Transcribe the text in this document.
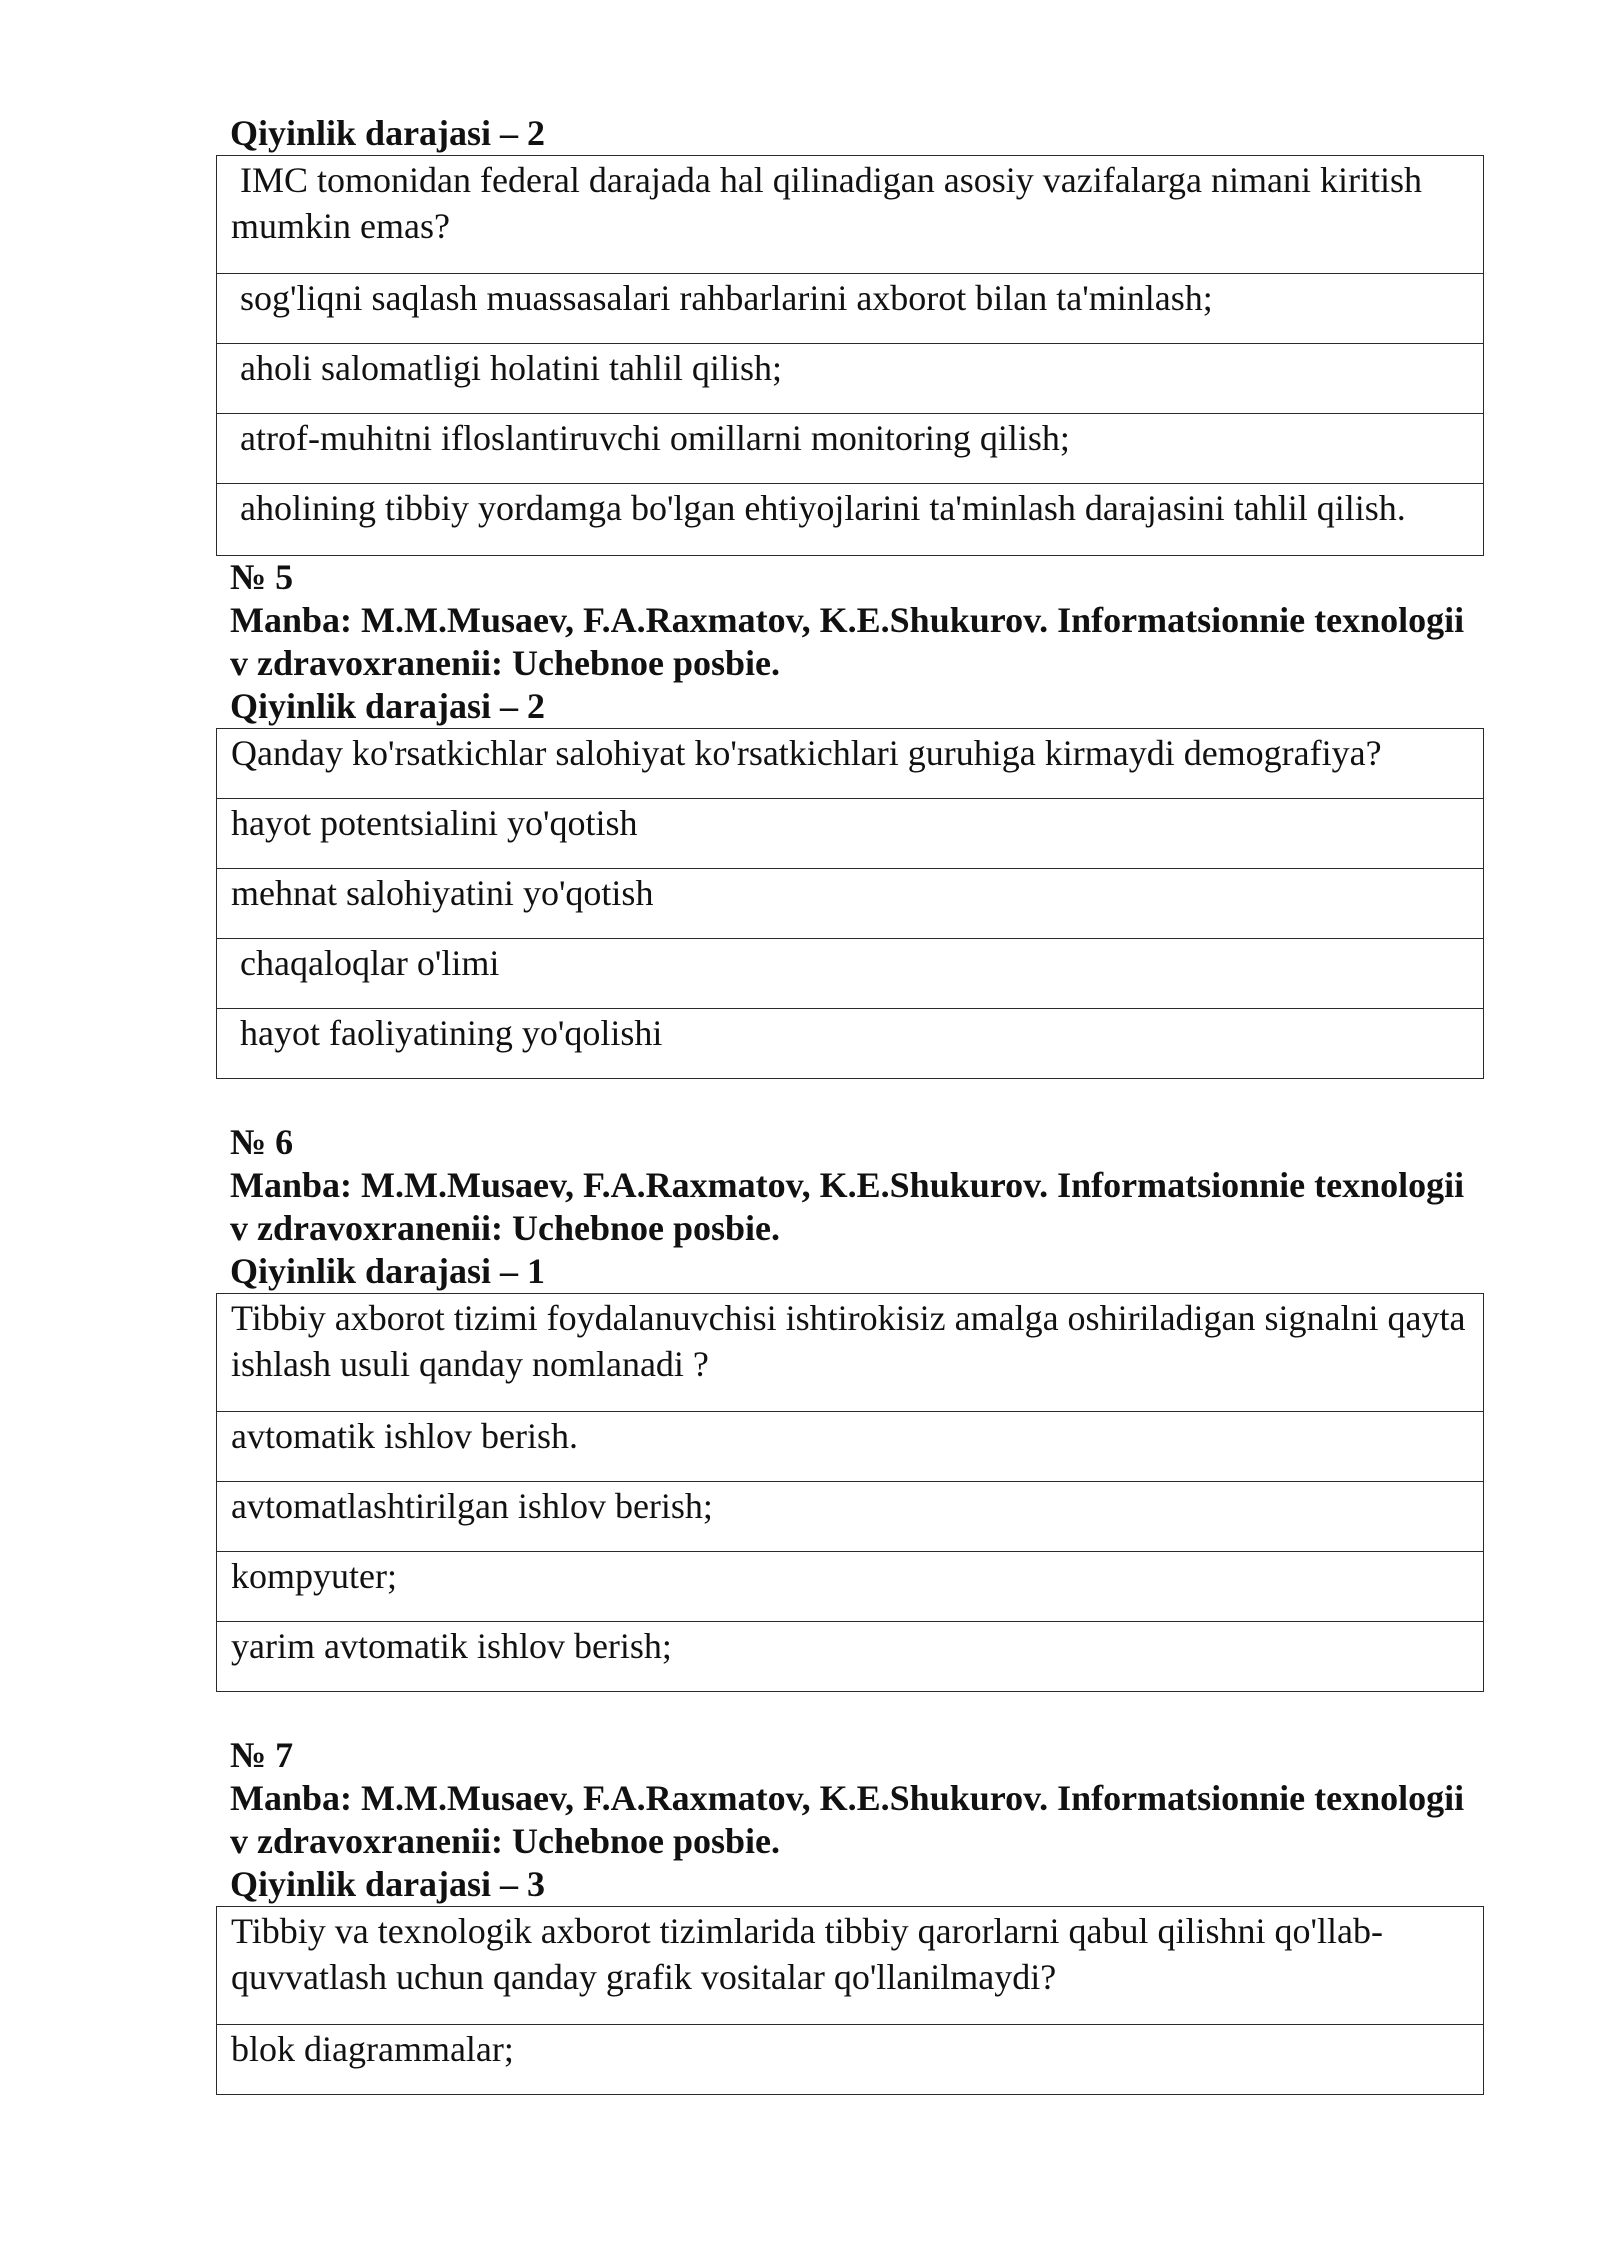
Qiyinlik darajasi – 2

IMC tomonidan federal darajada hal qilinadigan asosiy vazifalarga nimani kiritish mumkin emas?
sog'liqni saqlash muassasalari rahbarlarini axborot bilan ta'minlash;
aholi salomatligi holatini tahlil qilish;
atrof-muhitni ifloslantiruvchi omillarni monitoring qilish;
aholining tibbiy yordamga bo'lgan ehtiyojlarini ta'minlash darajasini tahlil qilish.

№ 5

Manba: M.M.Musaev, F.A.Raxmatov, K.E.Shukurov. Informatsionnie texnologii v zdravoxranenii: Uchebnoe posbie.

Qiyinlik darajasi – 2

Qanday ko'rsatkichlar salohiyat ko'rsatkichlari guruhiga kirmaydi demografiya?
hayot potentsialini yo'qotish
mehnat salohiyatini yo'qotish
chaqaloqlar o'limi
hayot faoliyatining yo'qolishi

№ 6

Manba: M.M.Musaev, F.A.Raxmatov, K.E.Shukurov. Informatsionnie texnologii v zdravoxranenii: Uchebnoe posbie.

Qiyinlik darajasi – 1

Tibbiy axborot tizimi foydalanuvchisi ishtirokisiz amalga oshiriladigan signalni qayta ishlash usuli qanday nomlanadi ?
avtomatik ishlov berish.
avtomatlashtirilgan ishlov berish;
kompyuter;
yarim avtomatik ishlov berish;

№ 7

Manba: M.M.Musaev, F.A.Raxmatov, K.E.Shukurov. Informatsionnie texnologii v zdravoxranenii: Uchebnoe posbie.

Qiyinlik darajasi – 3

Tibbiy va texnologik axborot tizimlarida tibbiy qarorlarni qabul qilishni qo'llab-quvvatlash uchun qanday grafik vositalar qo'llanilmaydi?
blok diagrammalar;
